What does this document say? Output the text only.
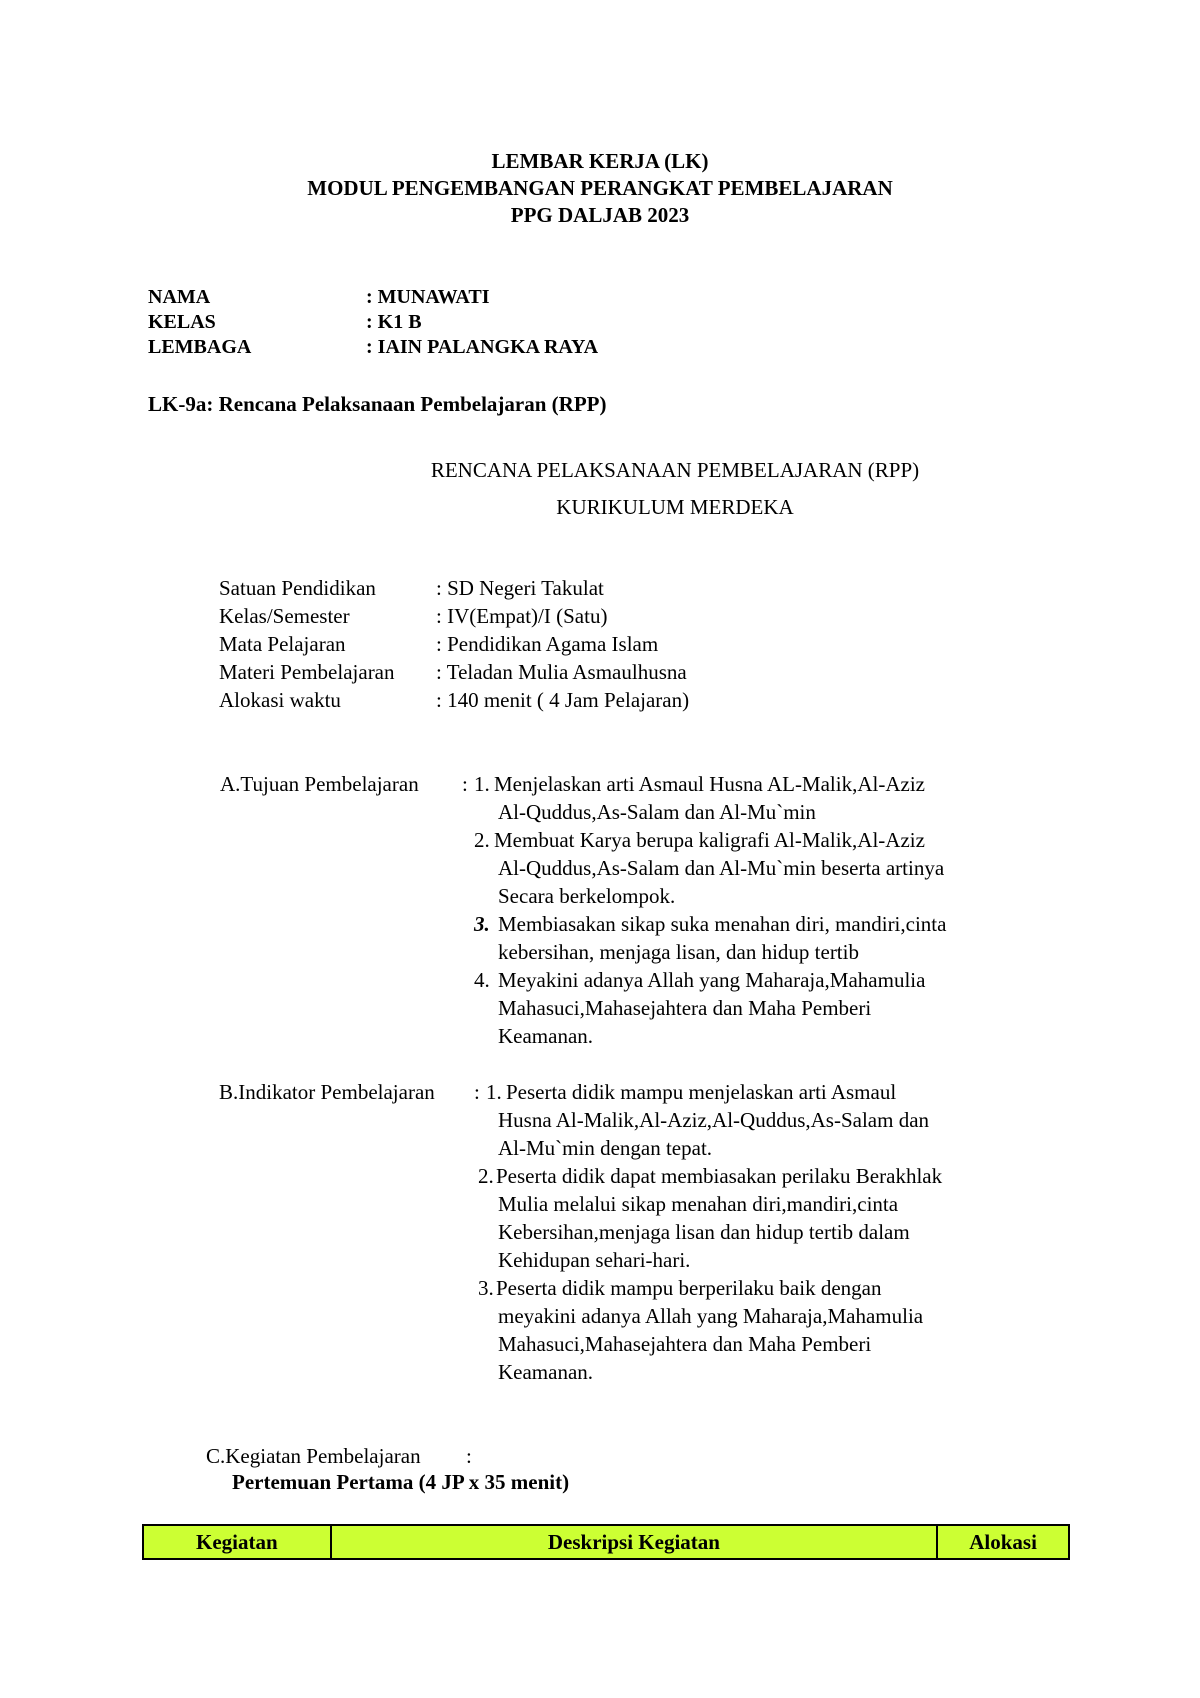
LEMBAR KERJA (LK)
MODUL PENGEMBANGAN PERANGKAT PEMBELAJARAN
PPG DALJAB 2023
NAMA	: MUNAWATI
KELAS	: K1 B
LEMBAGA	: IAIN PALANGKA RAYA
LK-9a: Rencana Pelaksanaan Pembelajaran (RPP)
RENCANA PELAKSANAAN PEMBELAJARAN (RPP)
KURIKULUM MERDEKA
Satuan Pendidikan	: SD Negeri Takulat
Kelas/Semester	: IV(Empat)/I (Satu)
Mata Pelajaran	: Pendidikan Agama Islam
Materi Pembelajaran : Teladan Mulia Asmaulhusna
Alokasi waktu	: 140 menit ( 4 Jam Pelajaran)
A.Tujuan Pembelajaran : 1. Menjelaskan arti Asmaul Husna AL-Malik,Al-Aziz
Al-Quddus,As-Salam dan Al-Mu`min
2. Membuat Karya berupa kaligrafi Al-Malik,Al-Aziz
Al-Quddus,As-Salam dan Al-Mu`min beserta artinya
Secara berkelompok.
3. Membiasakan sikap suka menahan diri, mandiri,cinta
kebersihan, menjaga lisan, dan hidup tertib
4. Meyakini adanya Allah yang Maharaja,Mahamulia
Mahasuci,Mahasejahtera dan Maha Pemberi
Keamanan.
B.Indikator Pembelajaran : 1. Peserta didik mampu menjelaskan arti Asmaul
Husna Al-Malik,Al-Aziz,Al-Quddus,As-Salam dan
Al-Mu`min dengan tepat.
2. Peserta didik dapat membiasakan perilaku Berakhlak
Mulia melalui sikap menahan diri,mandiri,cinta
Kebersihan,menjaga lisan dan hidup tertib dalam
Kehidupan sehari-hari.
3. Peserta didik mampu berperilaku baik dengan
meyakini adanya Allah yang Maharaja,Mahamulia
Mahasuci,Mahasejahtera dan Maha Pemberi
Keamanan.
C.Kegiatan Pembelajaran :
Pertemuan Pertama (4 JP x 35 menit)
Kegiatan	Deskripsi Kegiatan	Alokasi
